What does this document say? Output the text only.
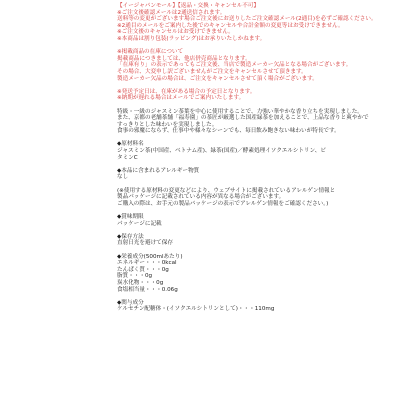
【イージャパンモール】【返品・交換・キャンセル不可】
※ご注文後確認メールは2通送信されます。
送料等の変更がございます場合ご注文後にお送りしたご注文確認メール(2通目)を必ずご確認ください。
※2通目のメールをご案内した後でのキャンセルや合計金額の変更等はお受けできません。
※ご注文後のキャンセルはお受けできません。
※本商品は割り包装(ラッピング)はお承りいたしかねます。
※掲載商品の在庫について
掲載商品につきましては、他店併売商品となります。
「在庫有り」の表示であってもご注文後、当店で製造メーカー欠品となる場合がございます。
その場合、大変申し訳ございませんがご注文をキャンセルさせて頂きます。
製造メーカー欠品の場合は、ご注文をキャンセルさせて頂く場合がございます。
※発送予定日は、在庫がある場合の予定日となります。
※納期が遅れる場合はメールでご案内いたします。
特級・一級のジャスミン茶葉を中心に使用することで、力強い華やかな香り立ちを実現しました。
また、京都の老舗茶舗「福寿園」の茶匠が厳選した国産緑茶を加えることで、上品な香りと爽やかで
すっきりとした味わいを実現しました。
食事の邪魔にならず、仕事中や様々なシーンでも、毎日飲み飽きない味わいが特長です。
◆原材料名
ジャスミン茶(中国産、ベトナム産)、緑茶(国産)／酵素処理イソクエルシトリン、ビ
タミンC
◆本品に含まれるアレルギー物質
なし
(※使用する原材料の変更などにより、ウェブサイトに掲載されているアレルゲン情報と
製品パッケージに記載されている内容が異なる場合がございます。
ご購入の際は、お手元の製品パッケージの表示でアレルゲン情報をご確認ください。)
◆賞味期限
パッケージに記載
◆保存方法
直射日光を避けて保存
◆栄養成分(500mlあたり)
エネルギー・・・0kcal
たんぱく質・・・0g
脂質・・・0g
炭水化物・・・0g
食塩相当量・・・0.06g
◆関与成分
ケルセチン配糖体・(イソクエルシトリンとして)・・・110mg
